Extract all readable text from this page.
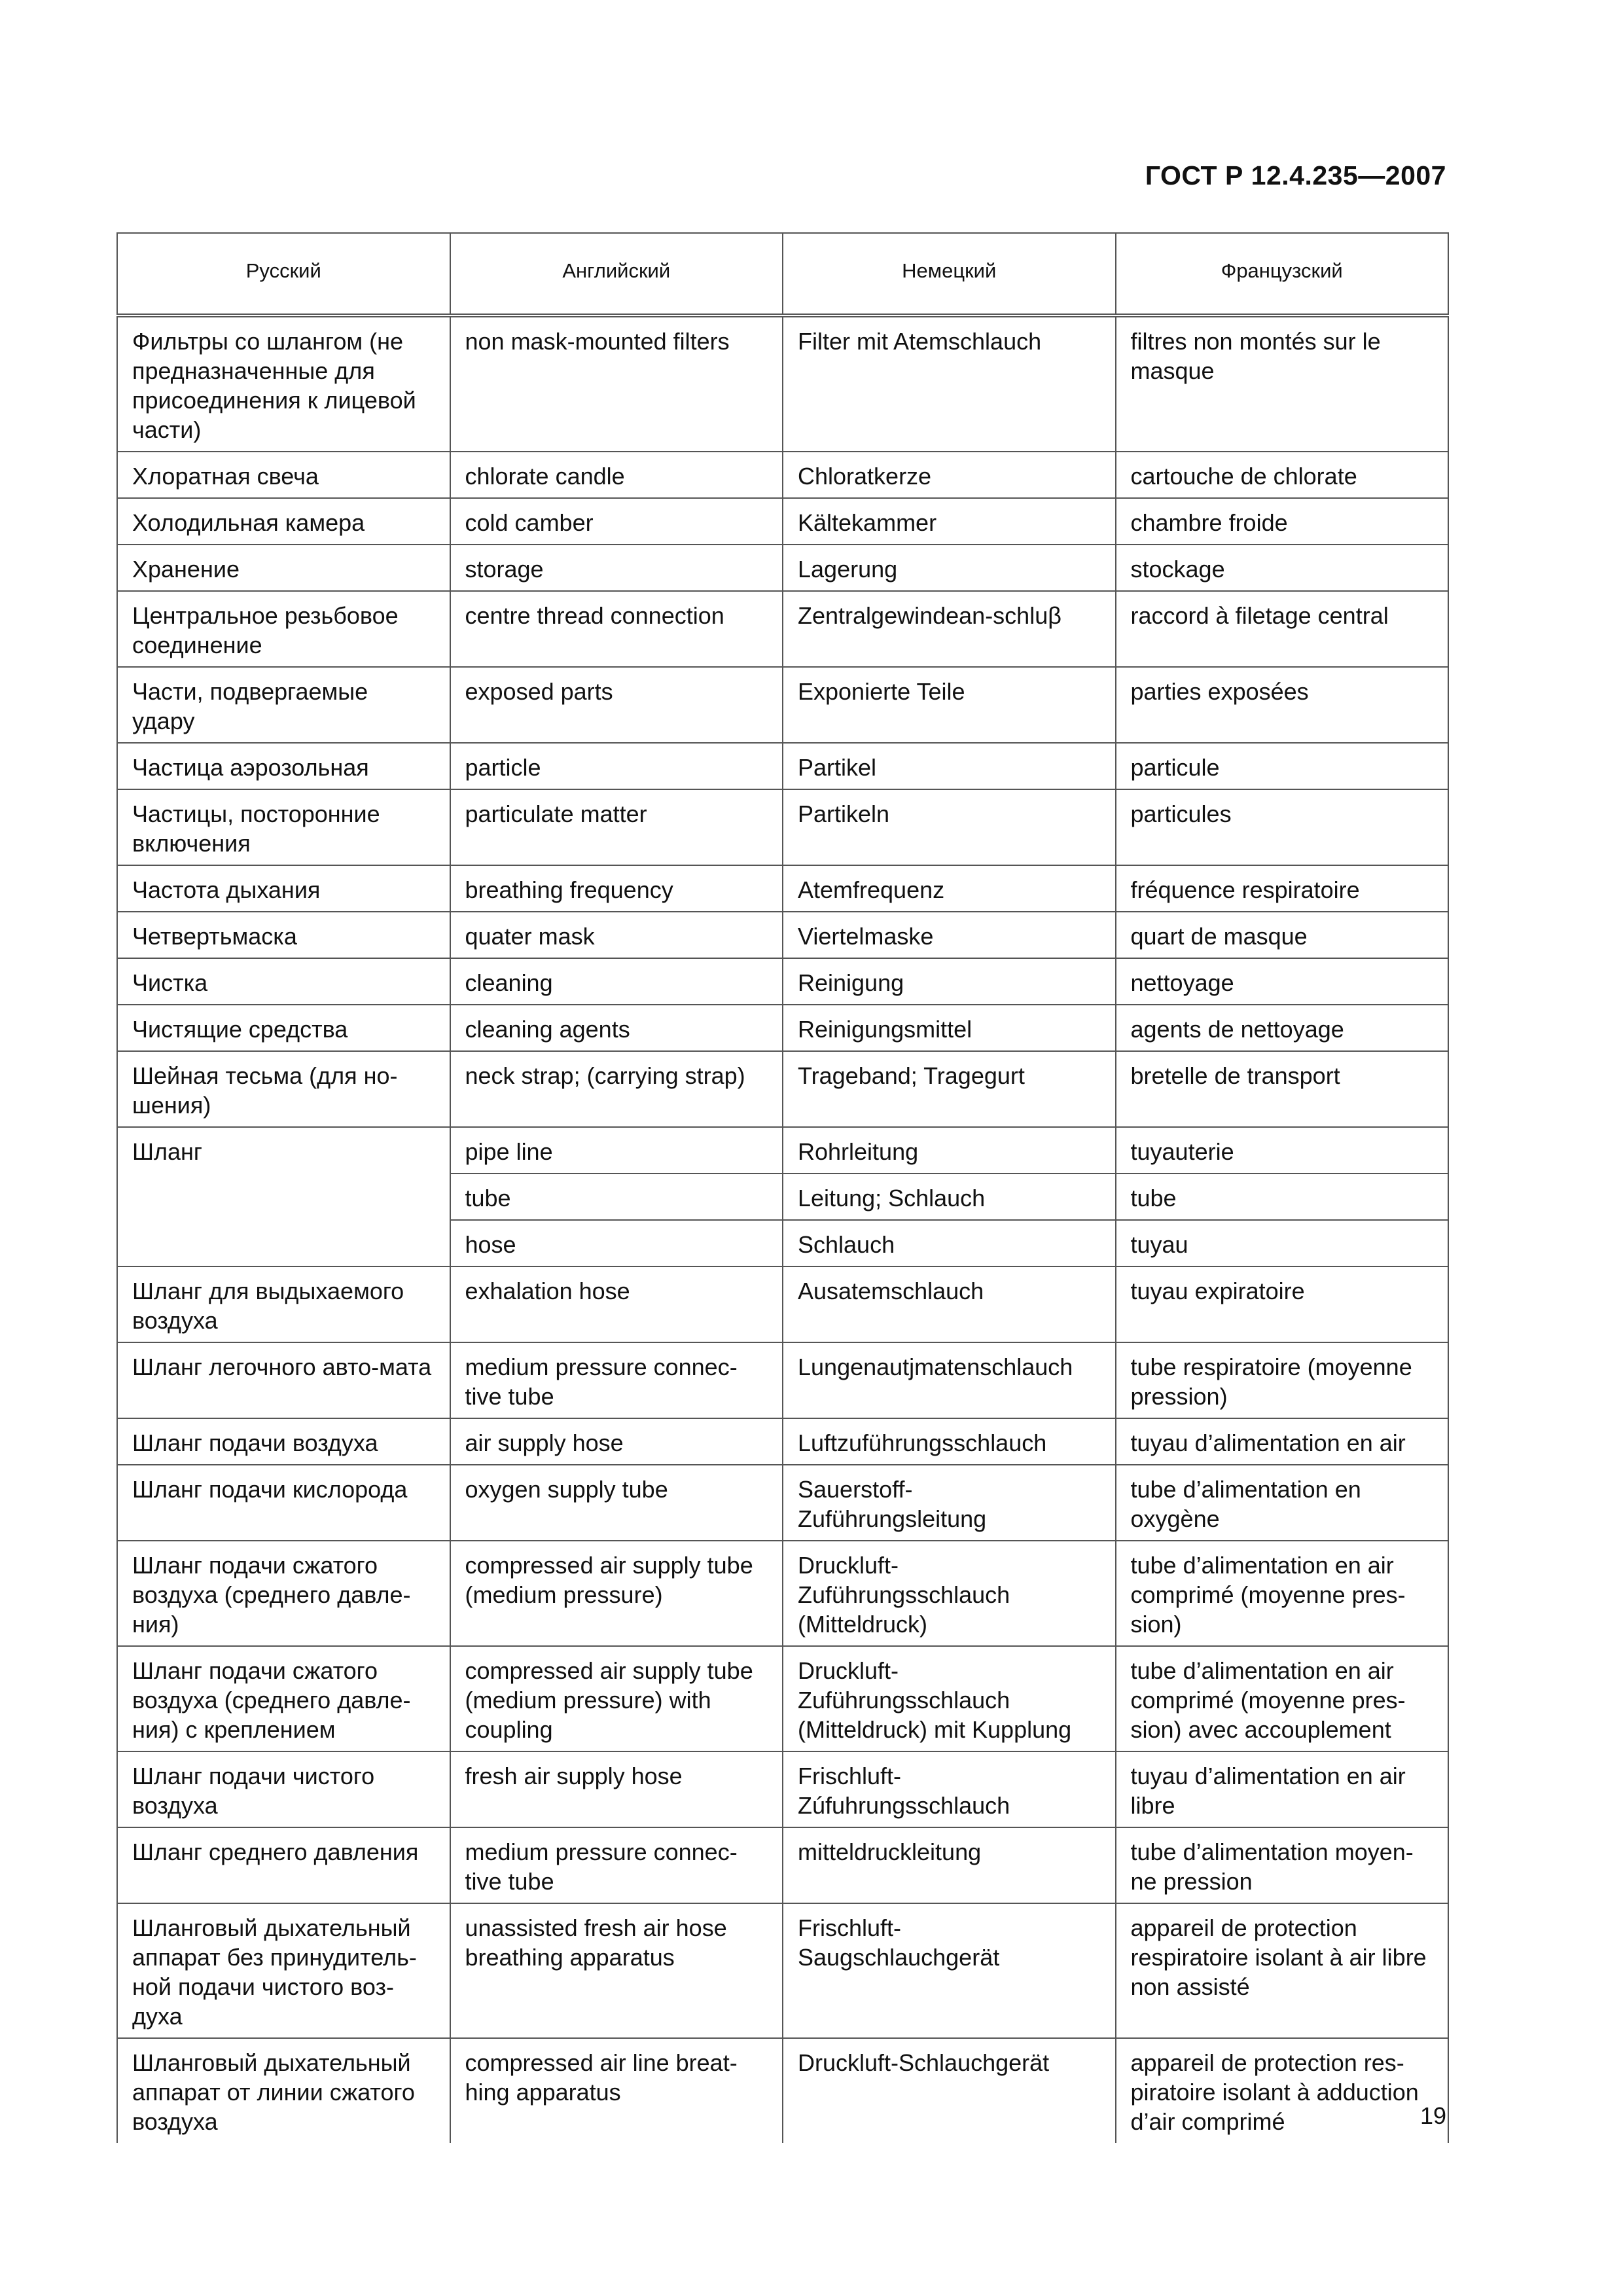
ГОСТ Р 12.4.235—2007
Русский	Английский	Немецкий	Французский
Фильтры со шлангом (не предназначенные для присоединения к лицевой части)	non mask-mounted filters	Filter mit Atemschlauch	filtres non montés sur le masque
Хлоратная свеча	chlorate candle	Chloratkerze	cartouche de chlorate
Холодильная камера	cold camber	Kältekammer	chambre froide
Хранение	storage	Lagerung	stockage
Центральное резьбовое соединение	centre thread connection	Zentralgewindean-schluβ	raccord à filetage central
Части, подвергаемые удару	exposed parts	Exponierte Teile	parties exposées
Частица аэрозольная	particle	Partikel	particule
Частицы, посторонние включения	particulate matter	Partikeln	particules
Частота дыхания	breathing frequency	Atemfrequenz	fréquence respiratoire
Четвертьмаска	quater mask	Viertelmaske	quart de masque
Чистка	cleaning	Reinigung	nettoyage
Чистящие средства	cleaning agents	Reinigungsmittel	agents de nettoyage
Шейная тесьма (для но-шения)	neck strap; (carrying strap)	Trageband; Tragegurt	bretelle de transport
Шланг	pipe line	Rohrleitung	tuyauterie
	tube	Leitung; Schlauch	tube
	hose	Schlauch	tuyau
Шланг для выдыхаемого воздуха	exhalation hose	Ausatemschlauch	tuyau expiratoire
Шланг легочного авто-мата	medium pressure connec-tive tube	Lungenautjmatenschlauch	tube respiratoire (moyenne pression)
Шланг подачи воздуха	air supply hose	Luftzuführungsschlauch	tuyau d’alimentation en air
Шланг подачи кислорода	oxygen supply tube	Sauerstoff-Zuführungsleitung	tube d’alimentation en oxygène
Шланг подачи сжатого воздуха (среднего давле-ния)	compressed air supply tube (medium pressure)	Druckluft-Zuführungsschlauch (Mitteldruck)	tube d’alimentation en air comprimé (moyenne pres-sion)
Шланг подачи сжатого воздуха (среднего давле-ния) с креплением	compressed air supply tube (medium pressure) with coupling	Druckluft-Zuführungsschlauch (Mitteldruck) mit Kupplung	tube d’alimentation en air comprimé (moyenne pres-sion) avec accouplement
Шланг подачи чистого воздуха	fresh air supply hose	Frischluft-Zúfuhrungsschlauch	tuyau d’alimentation en air libre
Шланг среднего давления	medium pressure connec-tive tube	mitteldruckleitung	tube d’alimentation moyen-ne pression
Шланговый дыхательный аппарат без принудитель-ной подачи чистого воз-духа	unassisted fresh air hose breathing apparatus	Frischluft-Saugschlauchgerät	appareil de protection respiratoire isolant à air libre non assisté
Шланговый дыхательный аппарат от линии сжатого воздуха	compressed air line breat-hing apparatus	Druckluft-Schlauchgerät	appareil de protection res-piratoire isolant à adduction d’air comprimé	19
